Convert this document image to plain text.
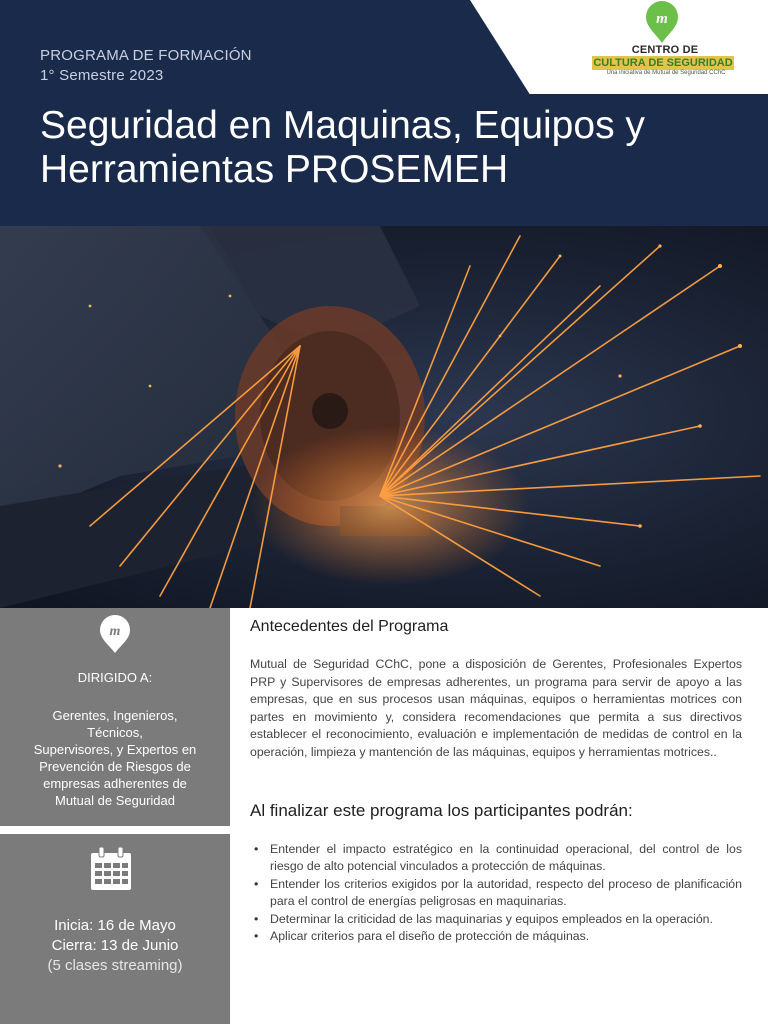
PROGRAMA DE FORMACIÓN
1° Semestre 2023
Seguridad en Maquinas, Equipos y Herramientas PROSEMEH
m
CENTRO DE
CULTURA DE SEGURIDAD
Una iniciativa de Mutual de Seguridad CChC
m
DIRIGIDO A:
Gerentes, Ingenieros,
Técnicos,
Supervisores, y Expertos en
Prevención de Riesgos de
empresas adherentes de
Mutual de Seguridad
Inicia: 16 de Mayo
Cierra: 13 de Junio
(5 clases streaming)
Antecedentes del Programa

Mutual de Seguridad CChC, pone a disposición de Gerentes, Profesionales Expertos PRP y Supervisores de empresas adherentes, un programa para servir de apoyo a las empresas, que en sus procesos usan máquinas, equipos o herramientas motrices con partes en movimiento y, considera recomendaciones que permita a sus directivos establecer el reconocimiento, evaluación e implementación de medidas de control en la operación, limpieza y mantención de las máquinas, equipos y herramientas motrices..

Al finalizar este programa los participantes podrán:
• Entender el impacto estratégico en la continuidad operacional, del control de los riesgo de alto potencial vinculados a protección de máquinas.
• Entender los criterios exigidos por la autoridad, respecto del proceso de planificación para el control de energías peligrosas en maquinarias.
• Determinar la criticidad de las maquinarias y equipos empleados en la operación.
• Aplicar criterios para el diseño de protección de máquinas.
